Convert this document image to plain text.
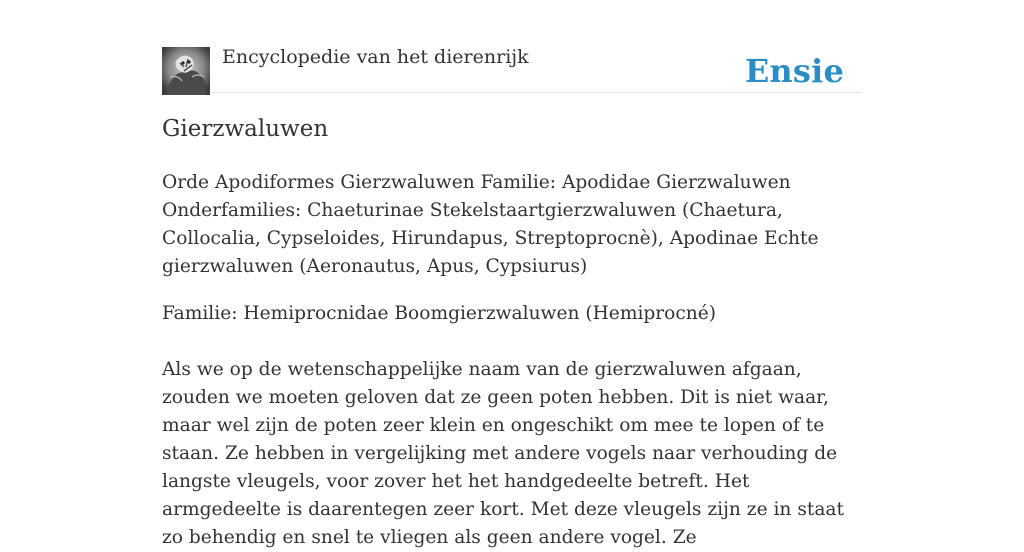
Encyclopedie van het dierenrijk	Ensie
Gierzwaluwen

Orde Apodiformes Gierzwaluwen Familie: Apodidae Gierzwaluwen Onderfamilies: Chaeturinae Stekelstaartgierzwaluwen (Chaetura, Collocalia, Cypseloides, Hirundapus, Streptoprocnè), Apodinae Echte gierzwaluwen (Aeronautus, Apus, Cypsiurus)

Familie: Hemiprocnidae Boomgierzwaluwen (Hemiprocné)

Als we op de wetenschappelijke naam van de gierzwaluwen afgaan, zouden we moeten geloven dat ze geen poten hebben. Dit is niet waar, maar wel zijn de poten zeer klein en ongeschikt om mee te lopen of te staan. Ze hebben in vergelijking met andere vogels naar verhouding de langste vleugels, voor zover het het handgedeelte betreft. Het armgedeelte is daarentegen zeer kort. Met deze vleugels zijn ze in staat zo behendig en snel te vliegen als geen andere vogel. Ze
